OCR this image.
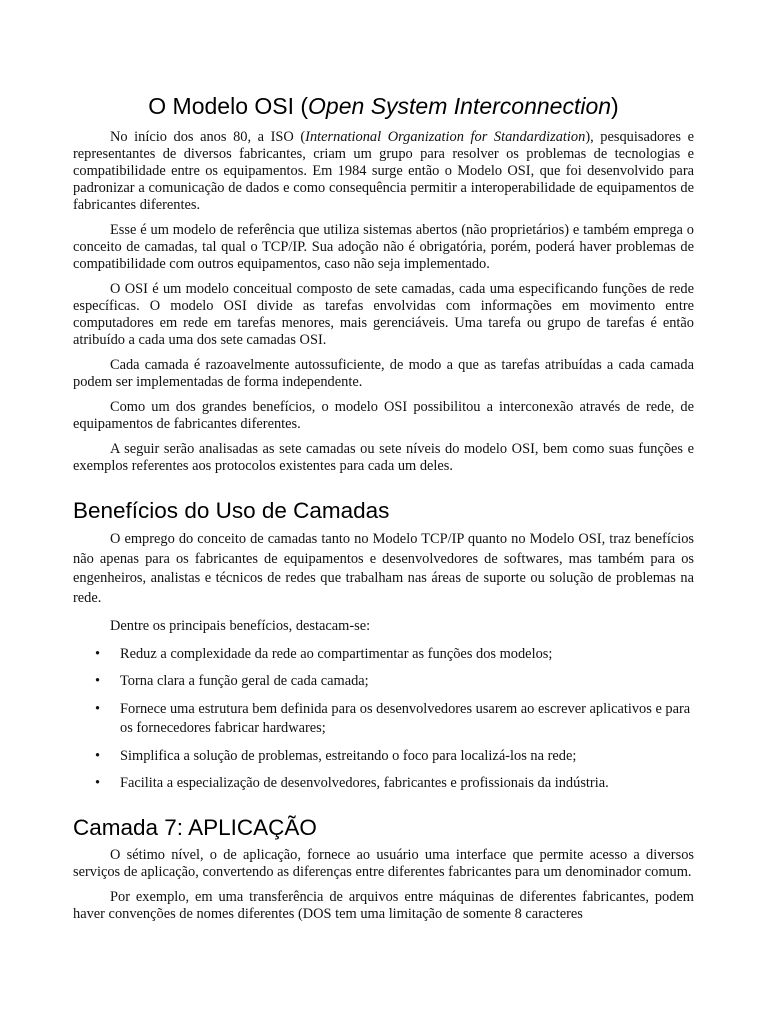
O Modelo OSI (Open System Interconnection)

No início dos anos 80, a ISO (International Organization for Standardization), pesquisadores e representantes de diversos fabricantes, criam um grupo para resolver os problemas de tecnologias e compatibilidade entre os equipamentos. Em 1984 surge então o Modelo OSI, que foi desenvolvido para padronizar a comunicação de dados e como consequência permitir a interoperabilidade de equipamentos de fabricantes diferentes.

Esse é um modelo de referência que utiliza sistemas abertos (não proprietários) e também emprega o conceito de camadas, tal qual o TCP/IP. Sua adoção não é obrigatória, porém, poderá haver problemas de compatibilidade com outros equipamentos, caso não seja implementado.

O OSI é um modelo conceitual composto de sete camadas, cada uma especificando funções de rede específicas. O modelo OSI divide as tarefas envolvidas com informações em movimento entre computadores em rede em tarefas menores, mais gerenciáveis. Uma tarefa ou grupo de tarefas é então atribuído a cada uma dos sete camadas OSI.

Cada camada é razoavelmente autossuficiente, de modo a que as tarefas atribuídas a cada camada podem ser implementadas de forma independente.

Como um dos grandes benefícios, o modelo OSI possibilitou a interconexão através de rede, de equipamentos de fabricantes diferentes.

A seguir serão analisadas as sete camadas ou sete níveis do modelo OSI, bem como suas funções e exemplos referentes aos protocolos existentes para cada um deles.

Benefícios do Uso de Camadas

O emprego do conceito de camadas tanto no Modelo TCP/IP quanto no Modelo OSI, traz benefícios não apenas para os fabricantes de equipamentos e desenvolvedores de softwares, mas também para os engenheiros, analistas e técnicos de redes que trabalham nas áreas de suporte ou solução de problemas na rede.

Dentre os principais benefícios, destacam-se:

• Reduz a complexidade da rede ao compartimentar as funções dos modelos;
• Torna clara a função geral de cada camada;
• Fornece uma estrutura bem definida para os desenvolvedores usarem ao escrever aplicativos e para os fornecedores fabricar hardwares;
• Simplifica a solução de problemas, estreitando o foco para localizá-los na rede;
• Facilita a especialização de desenvolvedores, fabricantes e profissionais da indústria.
Camada 7: APLICAÇÃO

O sétimo nível, o de aplicação, fornece ao usuário uma interface que permite acesso a diversos serviços de aplicação, convertendo as diferenças entre diferentes fabricantes para um denominador comum.

Por exemplo, em uma transferência de arquivos entre máquinas de diferentes fabricantes, podem haver convenções de nomes diferentes (DOS tem uma limitação de somente 8 caracteres
